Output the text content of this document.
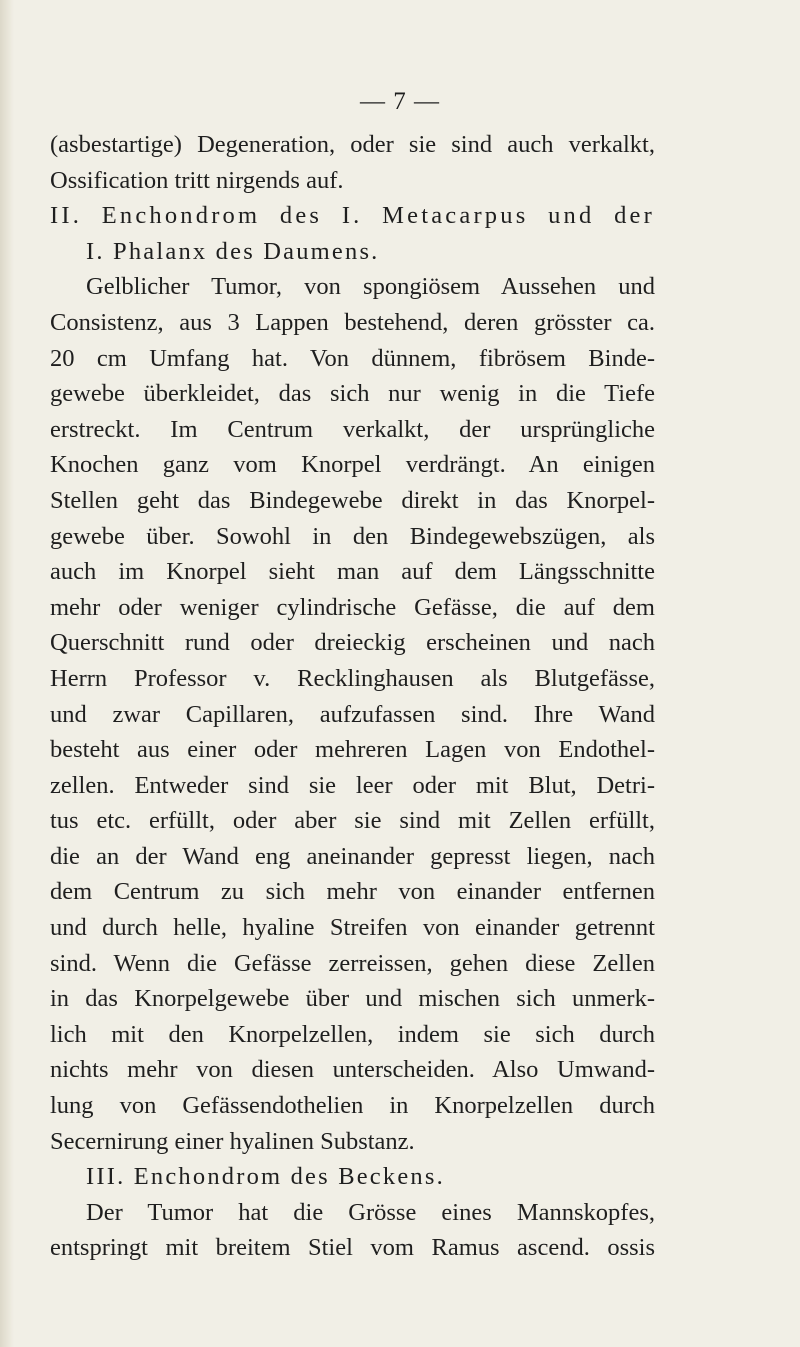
— 7 —
(asbestartige) Degeneration, oder sie sind auch verkalkt,
Ossification tritt nirgends auf.
II. Enchondrom des I. Metacarpus und der
I. Phalanx des Daumens.
Gelblicher Tumor, von spongiösem Aussehen und
Consistenz, aus 3 Lappen bestehend, deren grösster ca.
20 cm Umfang hat. Von dünnem, fibrösem Binde-
gewebe überkleidet, das sich nur wenig in die Tiefe
erstreckt. Im Centrum verkalkt, der ursprüngliche
Knochen ganz vom Knorpel verdrängt. An einigen
Stellen geht das Bindegewebe direkt in das Knorpel-
gewebe über. Sowohl in den Bindegewebszügen, als
auch im Knorpel sieht man auf dem Längsschnitte
mehr oder weniger cylindrische Gefässe, die auf dem
Querschnitt rund oder dreieckig erscheinen und nach
Herrn Professor v. Recklinghausen als Blutgefässe,
und zwar Capillaren, aufzufassen sind. Ihre Wand
besteht aus einer oder mehreren Lagen von Endothel-
zellen. Entweder sind sie leer oder mit Blut, Detri-
tus etc. erfüllt, oder aber sie sind mit Zellen erfüllt,
die an der Wand eng aneinander gepresst liegen, nach
dem Centrum zu sich mehr von einander entfernen
und durch helle, hyaline Streifen von einander getrennt
sind. Wenn die Gefässe zerreissen, gehen diese Zellen
in das Knorpelgewebe über und mischen sich unmerk-
lich mit den Knorpelzellen, indem sie sich durch
nichts mehr von diesen unterscheiden. Also Umwand-
lung von Gefässendothelien in Knorpelzellen durch
Secernirung einer hyalinen Substanz.
III. Enchondrom des Beckens.
Der Tumor hat die Grösse eines Mannskopfes,
entspringt mit breitem Stiel vom Ramus ascend. ossis
